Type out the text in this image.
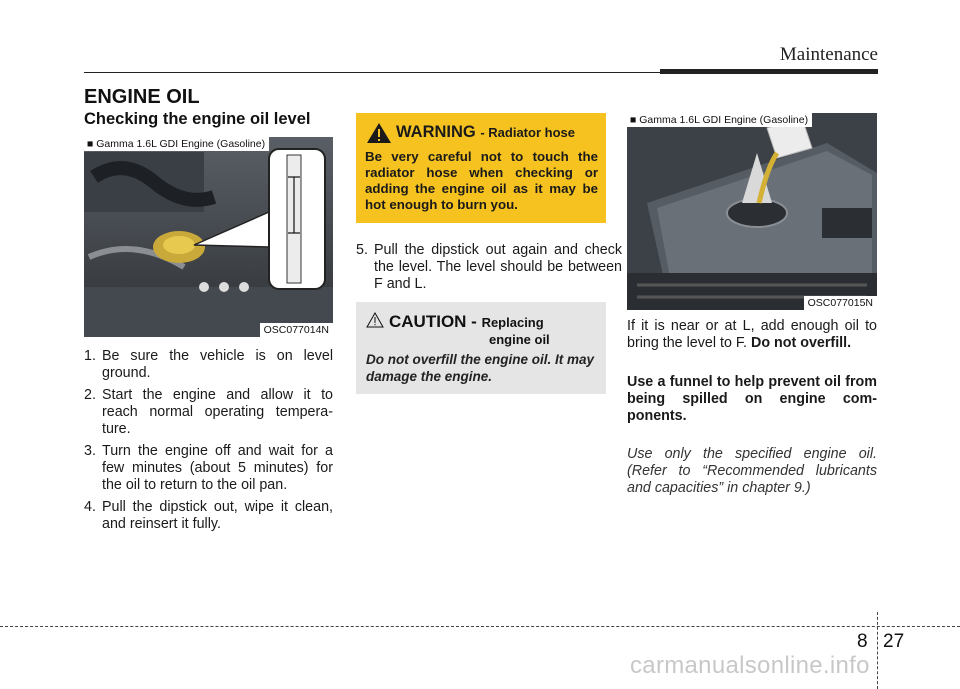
Maintenance
ENGINE OIL
Checking the engine oil level
■ Gamma 1.6L GDI Engine (Gasoline)
OSC077014N
1. Be sure the vehicle is on level ground.
2. Start the engine and allow it to reach normal operating tempera-ture.
3. Turn the engine off and wait for a few minutes (about 5 minutes) for the oil to return to the oil pan.
4. Pull the dipstick out, wipe it clean, and reinsert it fully.
WARNING - Radiator hose
Be very careful not to touch the radiator hose when checking or adding the engine oil as it may be hot enough to burn you.
5. Pull the dipstick out again and check the level. The level should be between F and L.
CAUTION - Replacing
engine oil
Do not overfill the engine oil. It may damage the engine.
■ Gamma 1.6L GDI Engine (Gasoline)
OSC077015N
If it is near or at L, add enough oil to bring the level to F. Do not overfill.
Use a funnel to help prevent oil from being spilled on engine com-ponents.
Use only the specified engine oil. (Refer to “Recommended lubricants and capacities” in chapter 9.)
8 27
carmanualsonline.info
